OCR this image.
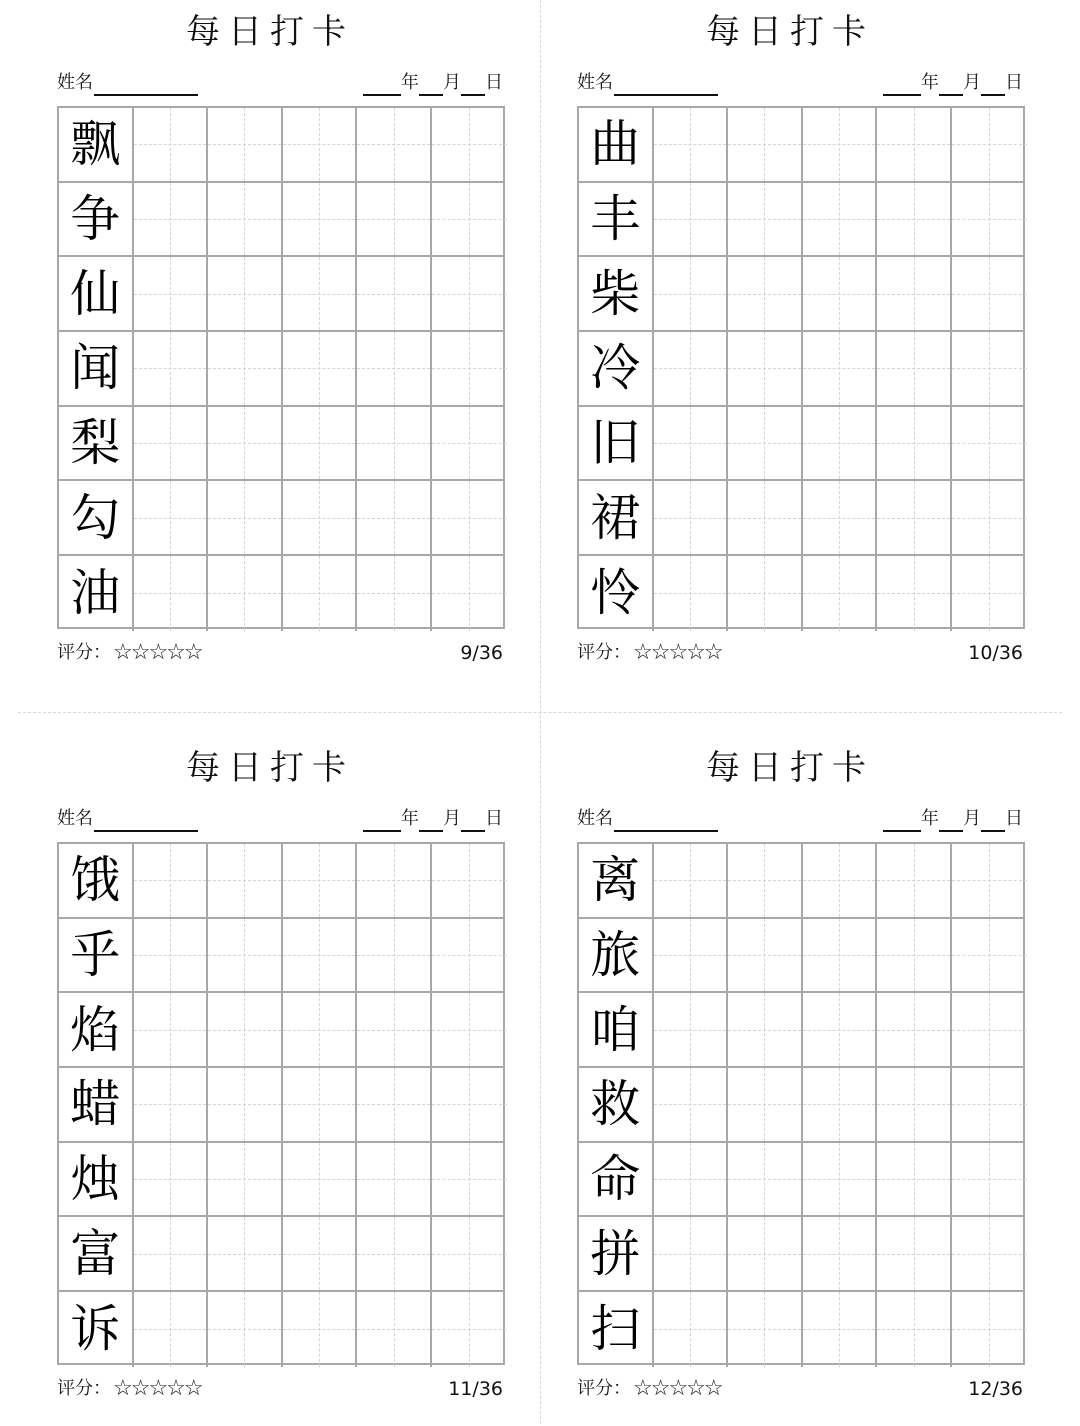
每日打卡
姓名	年 月 日
飘
争
仙
闻
梨
勾
油
评分： ☆☆☆☆☆	9/36
每日打卡
姓名	年 月 日
曲
丰
柴
冷
旧
裙
怜
评分： ☆☆☆☆☆	10/36
每日打卡
姓名	年 月 日
饿
乎
焰
蜡
烛
富
诉
评分： ☆☆☆☆☆	11/36
每日打卡
姓名	年 月 日
离
旅
咱
救
命
拼
扫
评分： ☆☆☆☆☆	12/36
